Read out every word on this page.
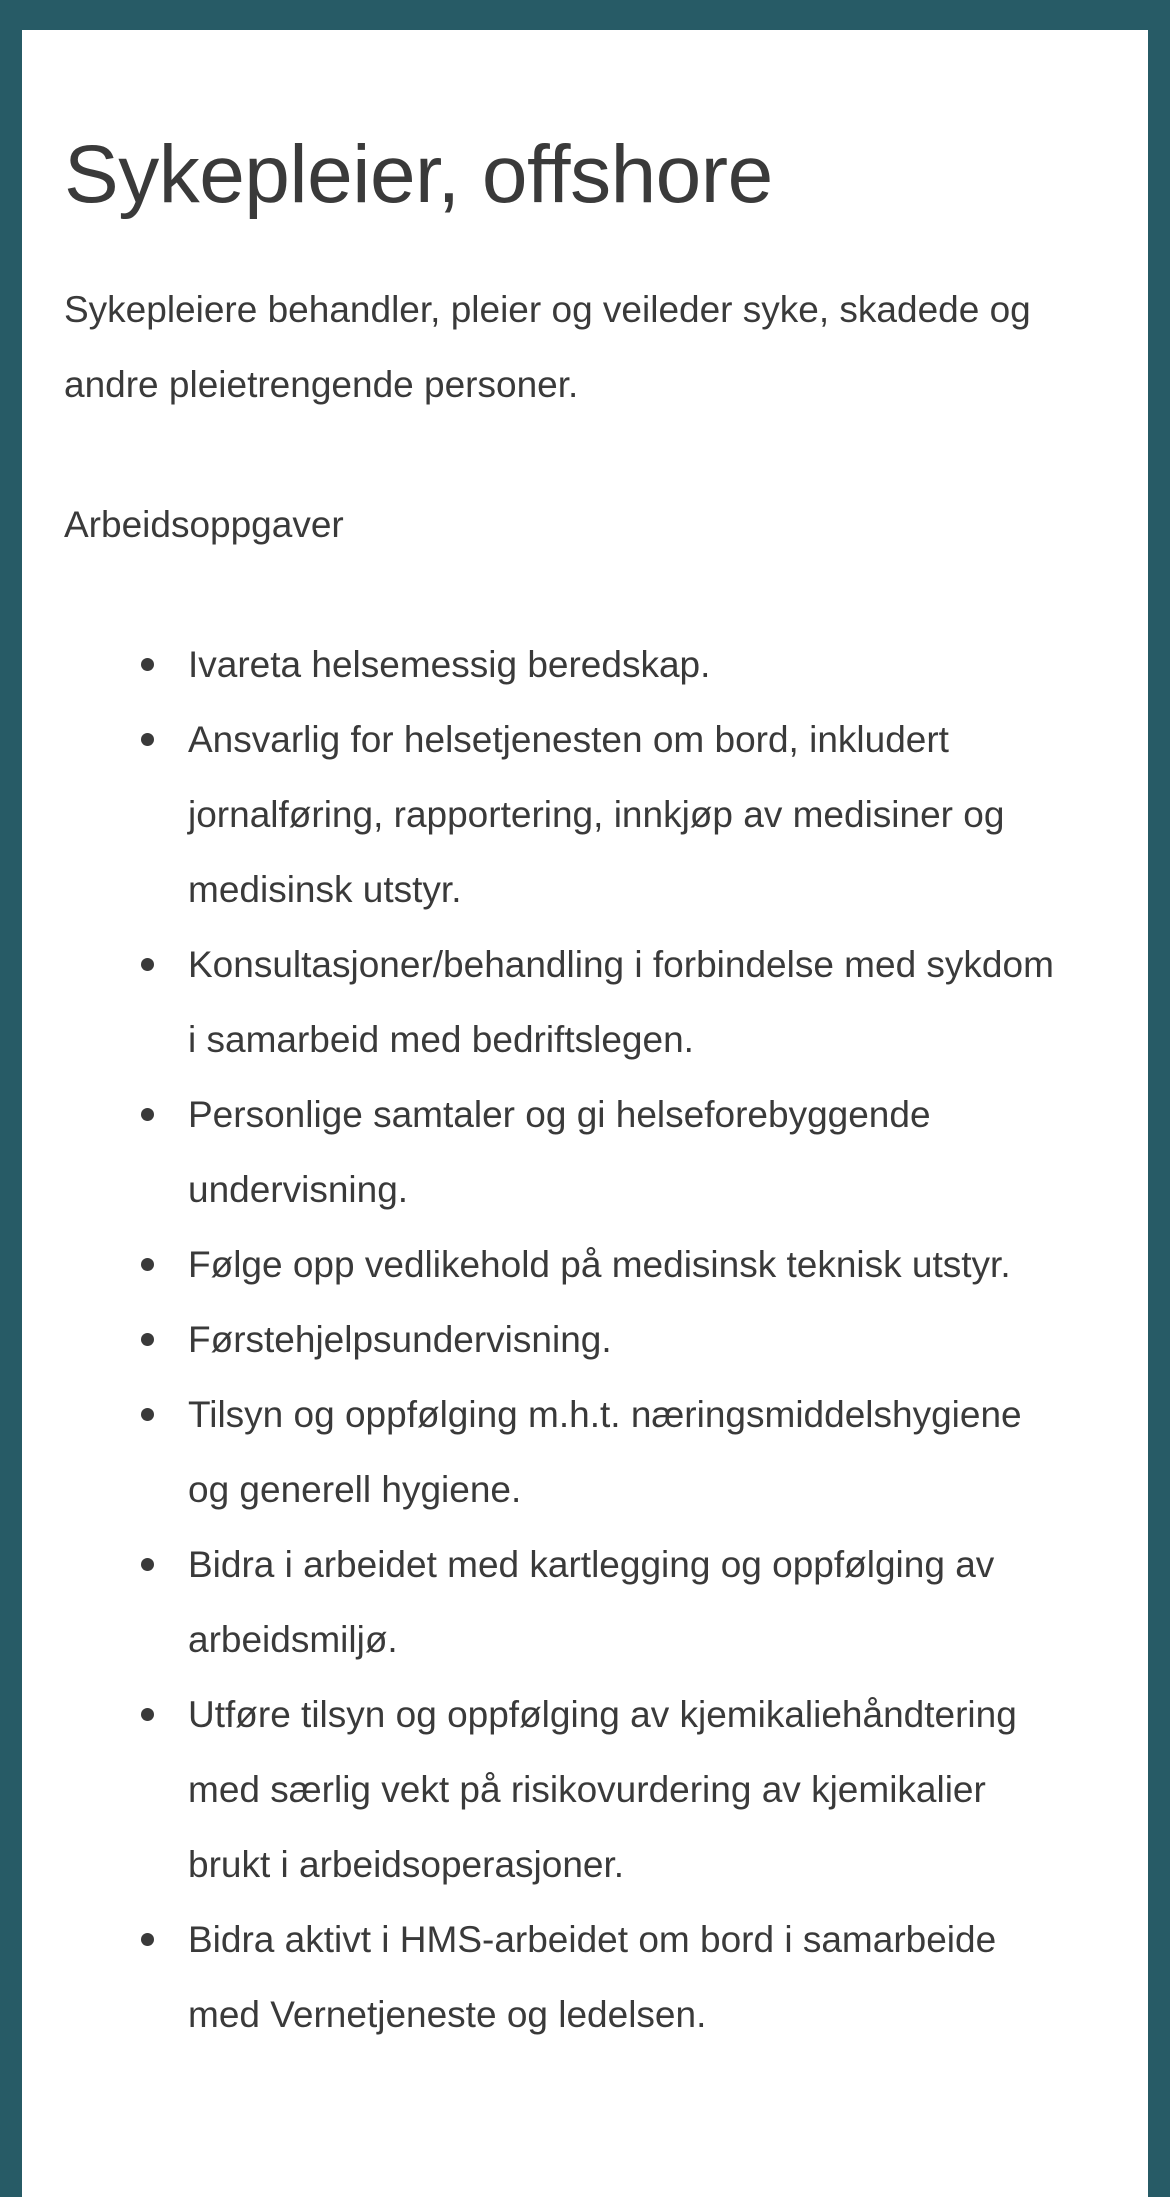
Sykepleier, offshore

Sykepleiere behandler, pleier og veileder syke, skadede og andre pleietrengende personer.

Arbeidsoppgaver
Ivareta helsemessig beredskap.
Ansvarlig for helsetjenesten om bord, inkludert jornalføring, rapportering, innkjøp av medisiner og medisinsk utstyr.
Konsultasjoner/behandling i forbindelse med sykdom i samarbeid med bedriftslegen.
Personlige samtaler og gi helseforebyggende undervisning.
Følge opp vedlikehold på medisinsk teknisk utstyr.
Førstehjelpsundervisning.
Tilsyn og oppfølging m.h.t. næringsmiddelshygiene og generell hygiene.
Bidra i arbeidet med kartlegging og oppfølging av arbeidsmiljø.
Utføre tilsyn og oppfølging av kjemikaliehåndtering med særlig vekt på risikovurdering av kjemikalier brukt i arbeidsoperasjoner.
Bidra aktivt i HMS-arbeidet om bord i samarbeide med Vernetjeneste og ledelsen.
